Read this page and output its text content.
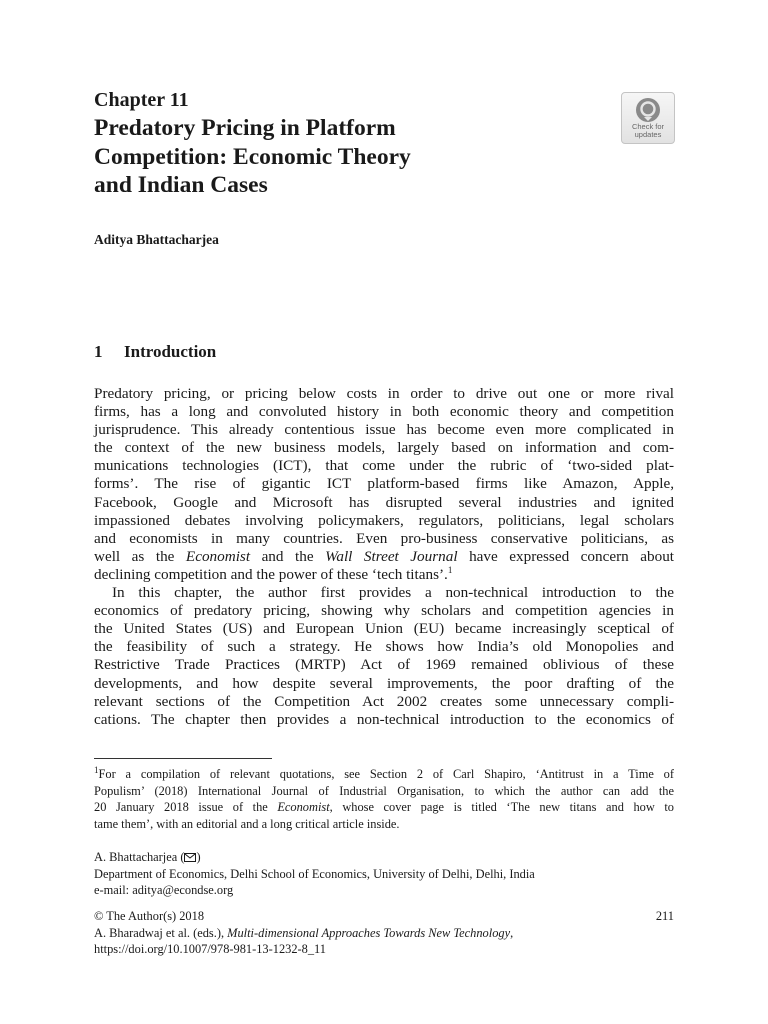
Chapter 11
Predatory Pricing in Platform
Competition: Economic Theory
and Indian Cases
Aditya Bhattacharjea
1 Introduction

Predatory pricing, or pricing below costs in order to drive out one or more rival
firms, has a long and convoluted history in both economic theory and competition
jurisprudence. This already contentious issue has become even more complicated in
the context of the new business models, largely based on information and com-
munications technologies (ICT), that come under the rubric of ‘two-sided plat-
forms’. The rise of gigantic ICT platform-based firms like Amazon, Apple,
Facebook, Google and Microsoft has disrupted several industries and ignited
impassioned debates involving policymakers, regulators, politicians, legal scholars
and economists in many countries. Even pro-business conservative politicians, as
well as the Economist and the Wall Street Journal have expressed concern about
declining competition and the power of these ‘tech titans’.$^1$

In this chapter, the author first provides a non-technical introduction to the
economics of predatory pricing, showing why scholars and competition agencies in
the United States (US) and European Union (EU) became increasingly sceptical of
the feasibility of such a strategy. He shows how India’s old Monopolies and
Restrictive Trade Practices (MRTP) Act of 1969 remained oblivious of these
developments, and how despite several improvements, the poor drafting of the
relevant sections of the Competition Act 2002 creates some unnecessary compli-
cations. The chapter then provides a non-technical introduction to the economics of

$^1$For a compilation of relevant quotations, see Section 2 of Carl Shapiro, ‘Antitrust in a Time of
Populism’ (2018) International Journal of Industrial Organisation, to which the author can add the
20 January 2018 issue of the Economist, whose cover page is titled ‘The new titans and how to
tame them’, with an editorial and a long critical article inside.
A. Bhattacharjea ( )
Department of Economics, Delhi School of Economics, University of Delhi, Delhi, India
e-mail: aditya@econdse.org
© The Author(s) 2018	211
A. Bharadwaj et al. (eds.), Multi-dimensional Approaches Towards New Technology,
https://doi.org/10.1007/978-981-13-1232-8_11
Check for
updates
